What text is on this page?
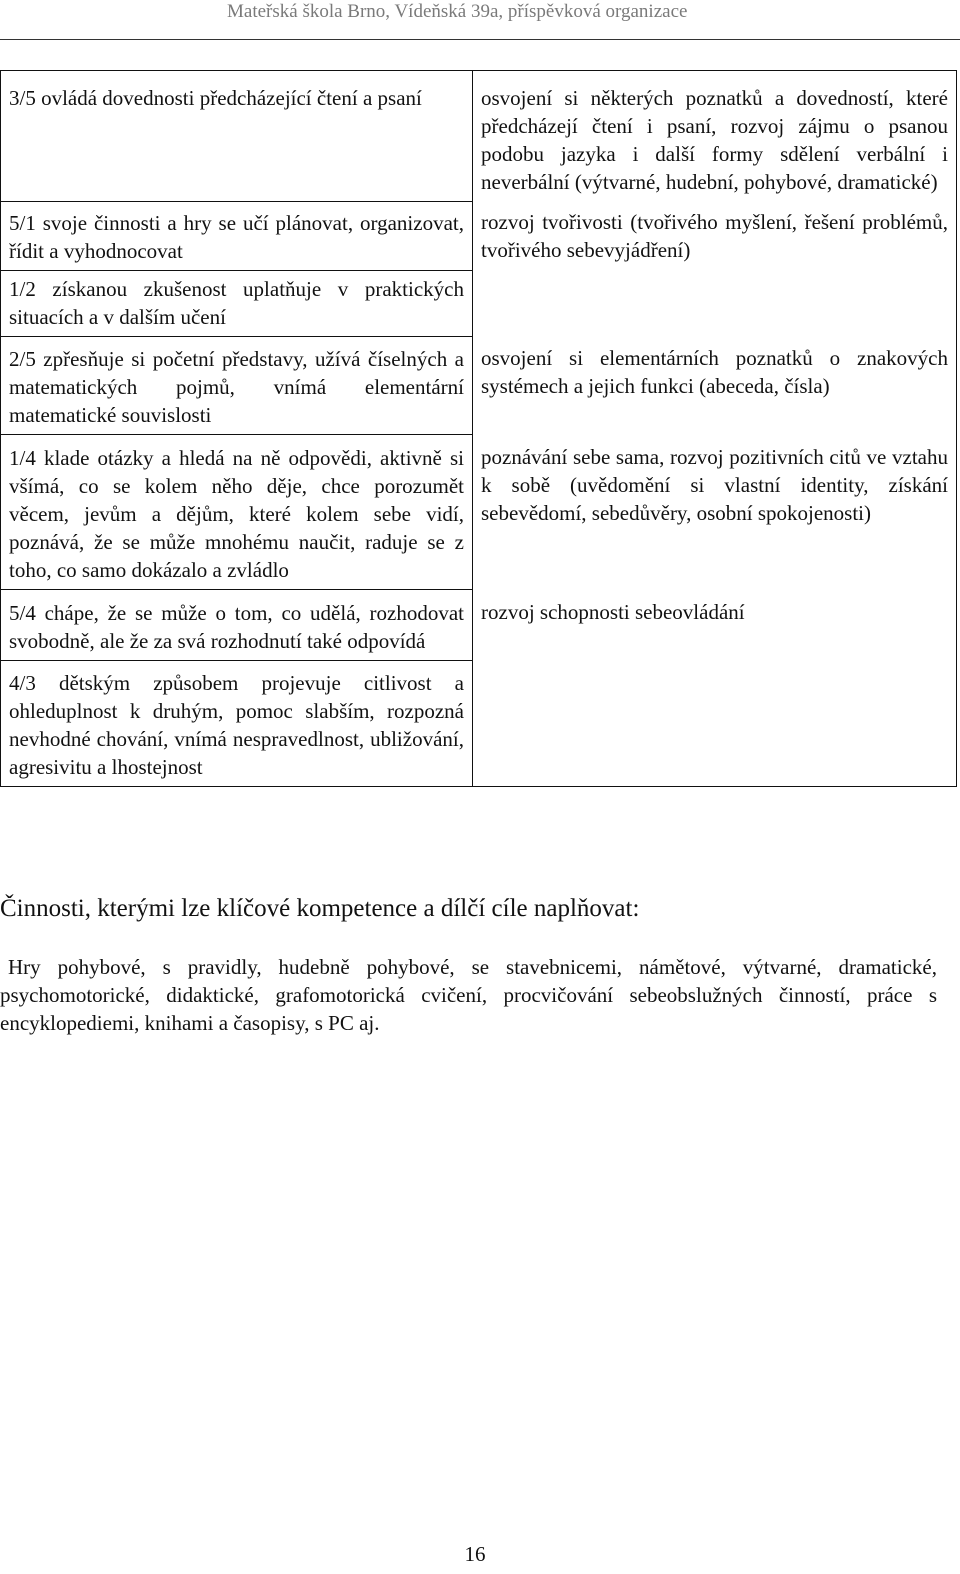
Mateřská škola Brno, Vídeňská 39a, příspěvková organizace
3/5 ovládá dovednosti předcházející čtení a psaní	osvojení si některých poznatků a dovedností, které předcházejí čtení i psaní, rozvoj zájmu o psanou podobu jazyka i další formy sdělení verbální i neverbální (výtvarné, hudební, pohybové, dramatické)
5/1 svoje činnosti a hry se učí plánovat, organizovat, řídit a vyhodnocovat	rozvoj tvořivosti (tvořivého myšlení, řešení problémů, tvořivého sebevyjádření)
1/2 získanou zkušenost uplatňuje v praktických situacích a v dalším učení	
2/5 zpřesňuje si početní představy, užívá číselných a matematických pojmů, vnímá elementární matematické souvislosti	osvojení si elementárních poznatků o znakových systémech a jejich funkci (abeceda, čísla)
1/4 klade otázky a hledá na ně odpovědi, aktivně si všímá, co se kolem něho děje, chce porozumět věcem, jevům a dějům, které kolem sebe vidí, poznává, že se může mnohému naučit, raduje se z toho, co samo dokázalo a zvládlo	poznávání sebe sama, rozvoj pozitivních citů ve vztahu k sobě (uvědomění si vlastní identity, získání sebevědomí, sebedůvěry, osobní spokojenosti)
5/4 chápe, že se může o tom, co udělá, rozhodovat svobodně, ale že za svá rozhodnutí také odpovídá	rozvoj schopnosti sebeovládání
4/3 dětským způsobem projevuje citlivost a ohleduplnost k druhým, pomoc slabším, rozpozná nevhodné chování, vnímá nespravedlnost, ubližování, agresivitu a lhostejnost	
Činnosti, kterými lze klíčové kompetence a dílčí cíle naplňovat:

Hry pohybové, s pravidly, hudebně pohybové, se stavebnicemi, námětové, výtvarné, dramatické, psychomotorické, didaktické, grafomotorická cvičení, procvičování sebeobslužných činností, práce s encyklopediemi, knihami a časopisy, s PC aj.

16
